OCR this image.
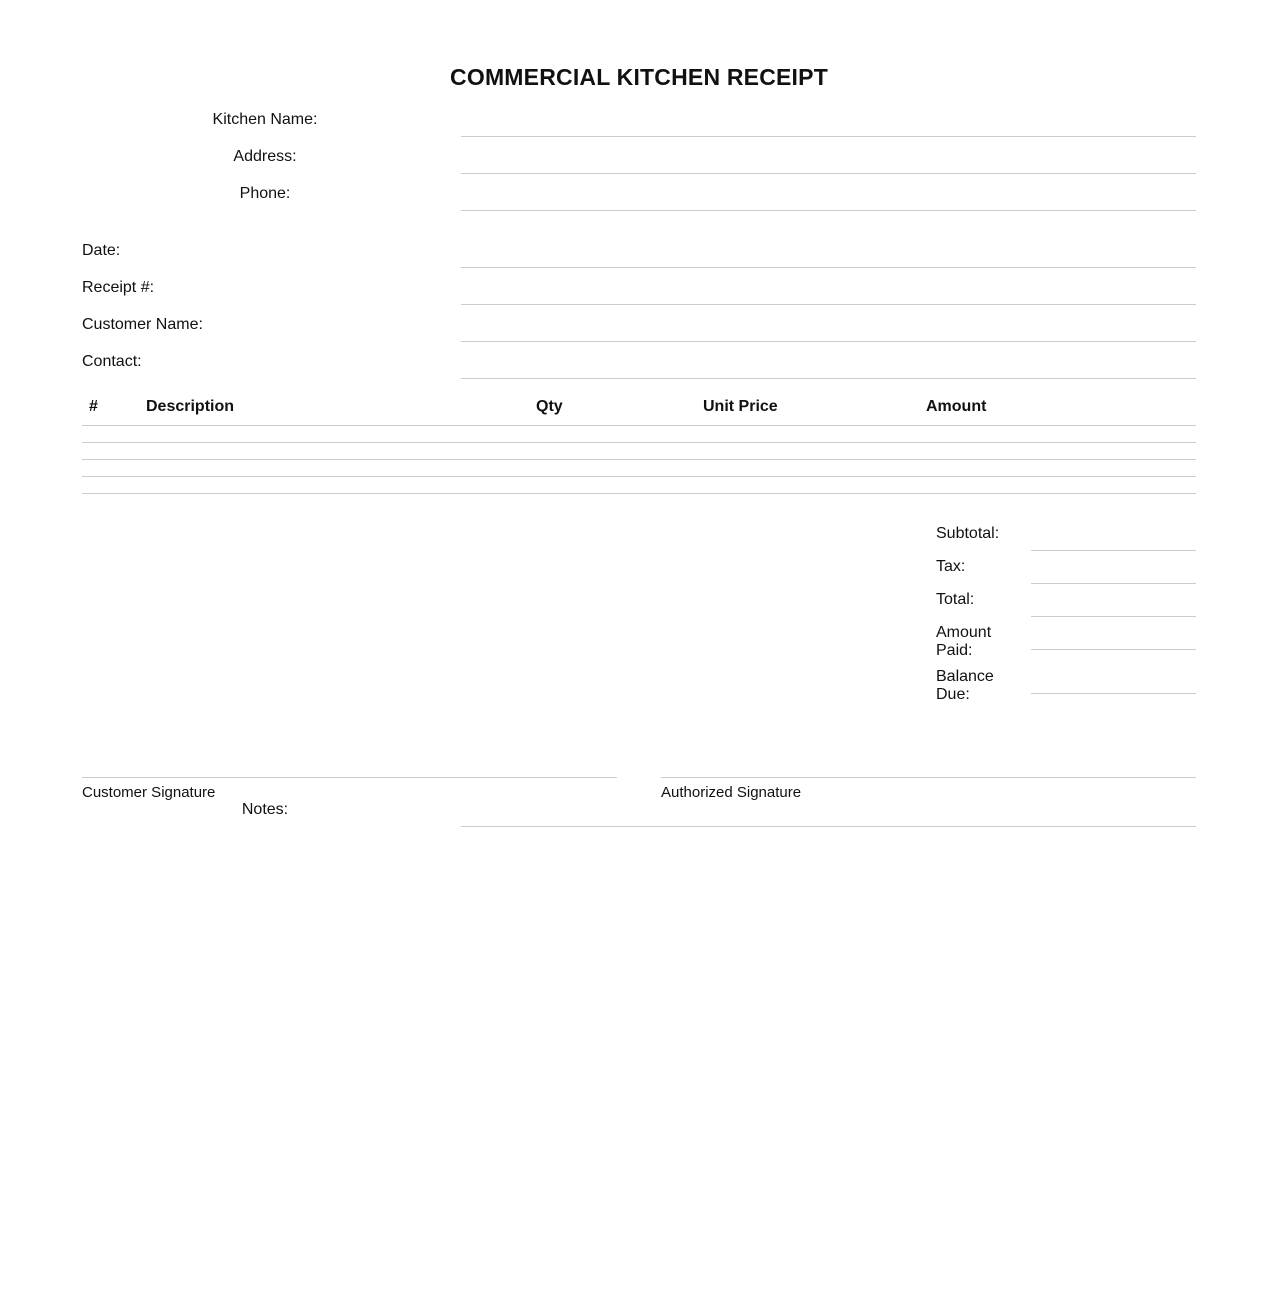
COMMERCIAL KITCHEN RECEIPT
Kitchen Name:
Address:
Phone:
Date:
Receipt #:
Customer Name:
Contact:
#	Description	Qty	Unit Price	Amount
Subtotal:
Tax:
Total:
Amount Paid:
Balance Due:
Customer Signature	Authorized Signature
Notes:
